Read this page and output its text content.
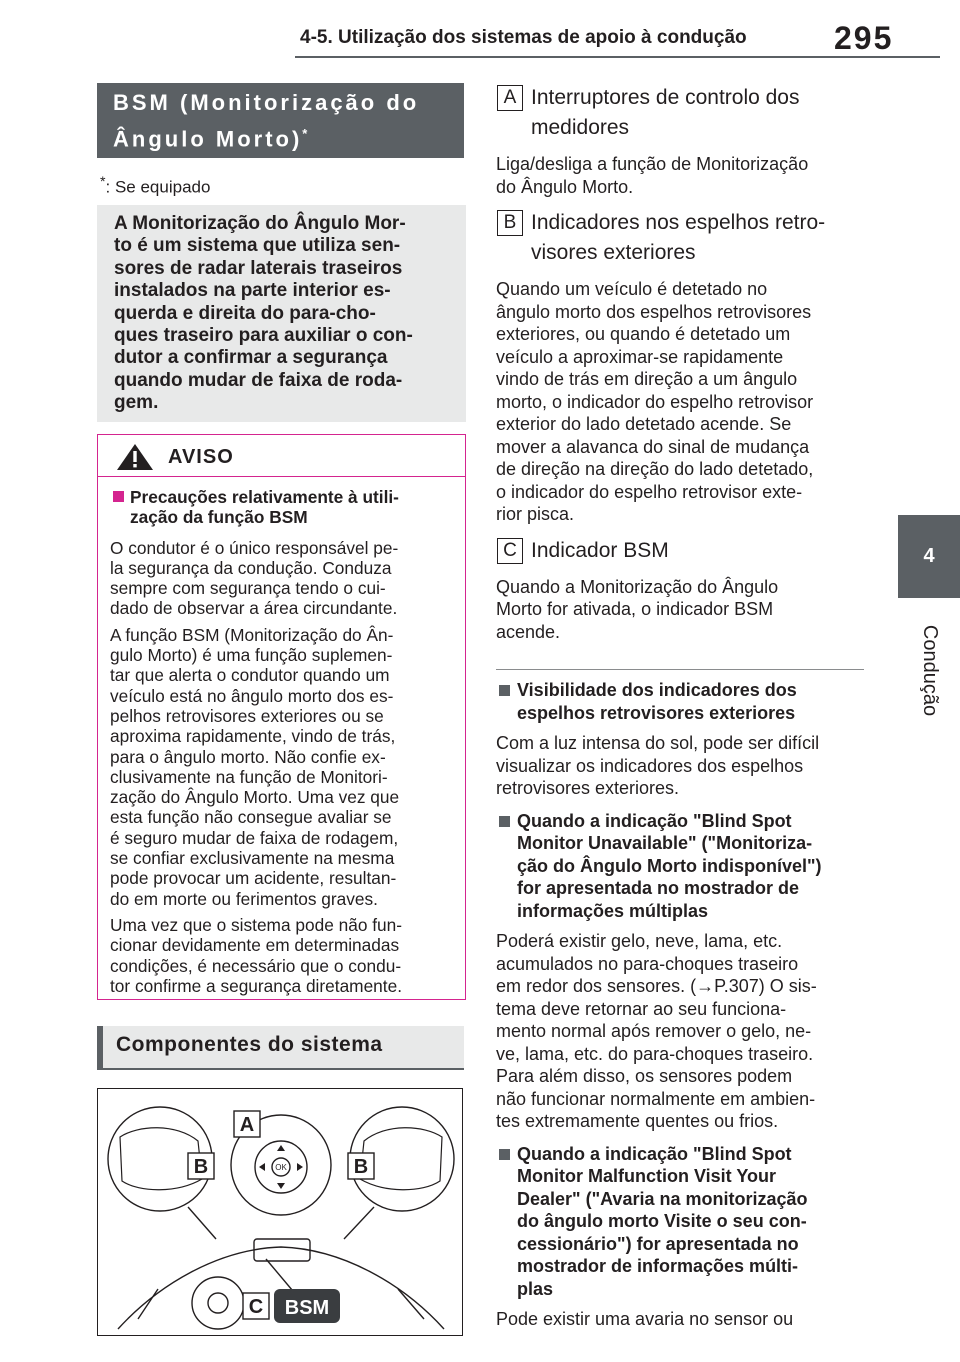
4-5. Utilização dos sistemas de apoio à condução	295
4
Condução
BSM (Monitorização do
Ângulo Morto)*
*: Se equipado
A Monitorização do Ângulo Mor-
to é um sistema que utiliza sen-
sores de radar laterais traseiros
instalados na parte interior es-
querda e direita do para-cho-
ques traseiro para auxiliar o con-
dutor a confirmar a segurança
quando mudar de faixa de roda-
gem.
AVISO
Precauções relativamente à utili-
zação da função BSM
O condutor é o único responsável pe-
la segurança da condução. Conduza
sempre com segurança tendo o cui-
dado de observar a área circundante.
A função BSM (Monitorização do Ân-
gulo Morto) é uma função suplemen-
tar que alerta o condutor quando um
veículo está no ângulo morto dos es-
pelhos retrovisores exteriores ou se
aproxima rapidamente, vindo de trás,
para o ângulo morto. Não confie ex-
clusivamente na função de Monitori-
zação do Ângulo Morto. Uma vez que
esta função não consegue avaliar se
é seguro mudar de faixa de rodagem,
se confiar exclusivamente na mesma
pode provocar um acidente, resultan-
do em morte ou ferimentos graves.
Uma vez que o sistema pode não fun-
cionar devidamente em determinadas
condições, é necessário que o condu-
tor confirme a segurança diretamente.
Componentes do sistema
OK
A
B	B
C BSM
A Interruptores de controlo dos
medidores
Liga/desliga a função de Monitorização
do Ângulo Morto.
B Indicadores nos espelhos retro-
visores exteriores
Quando um veículo é detetado no
ângulo morto dos espelhos retrovisores
exteriores, ou quando é detetado um
veículo a aproximar-se rapidamente
vindo de trás em direção a um ângulo
morto, o indicador do espelho retrovisor
exterior do lado detetado acende. Se
mover a alavanca do sinal de mudança
de direção na direção do lado detetado,
o indicador do espelho retrovisor exte-
rior pisca.
C Indicador BSM
Quando a Monitorização do Ângulo
Morto for ativada, o indicador BSM
acende.
Visibilidade dos indicadores dos
espelhos retrovisores exteriores
Com a luz intensa do sol, pode ser difícil
visualizar os indicadores dos espelhos
retrovisores exteriores.
Quando a indicação "Blind Spot
Monitor Unavailable" ("Monitoriza-
ção do Ângulo Morto indisponível")
for apresentada no mostrador de
informações múltiplas
Poderá existir gelo, neve, lama, etc.
acumulados no para-choques traseiro
em redor dos sensores. (→P.307) O sis-
tema deve retornar ao seu funciona-
mento normal após remover o gelo, ne-
ve, lama, etc. do para-choques traseiro.
Para além disso, os sensores podem
não funcionar normalmente em ambien-
tes extremamente quentes ou frios.
Quando a indicação "Blind Spot
Monitor Malfunction Visit Your
Dealer" ("Avaria na monitorização
do ângulo morto Visite o seu con-
cessionário") for apresentada no
mostrador de informações múlti-
plas
Pode existir uma avaria no sensor ou
